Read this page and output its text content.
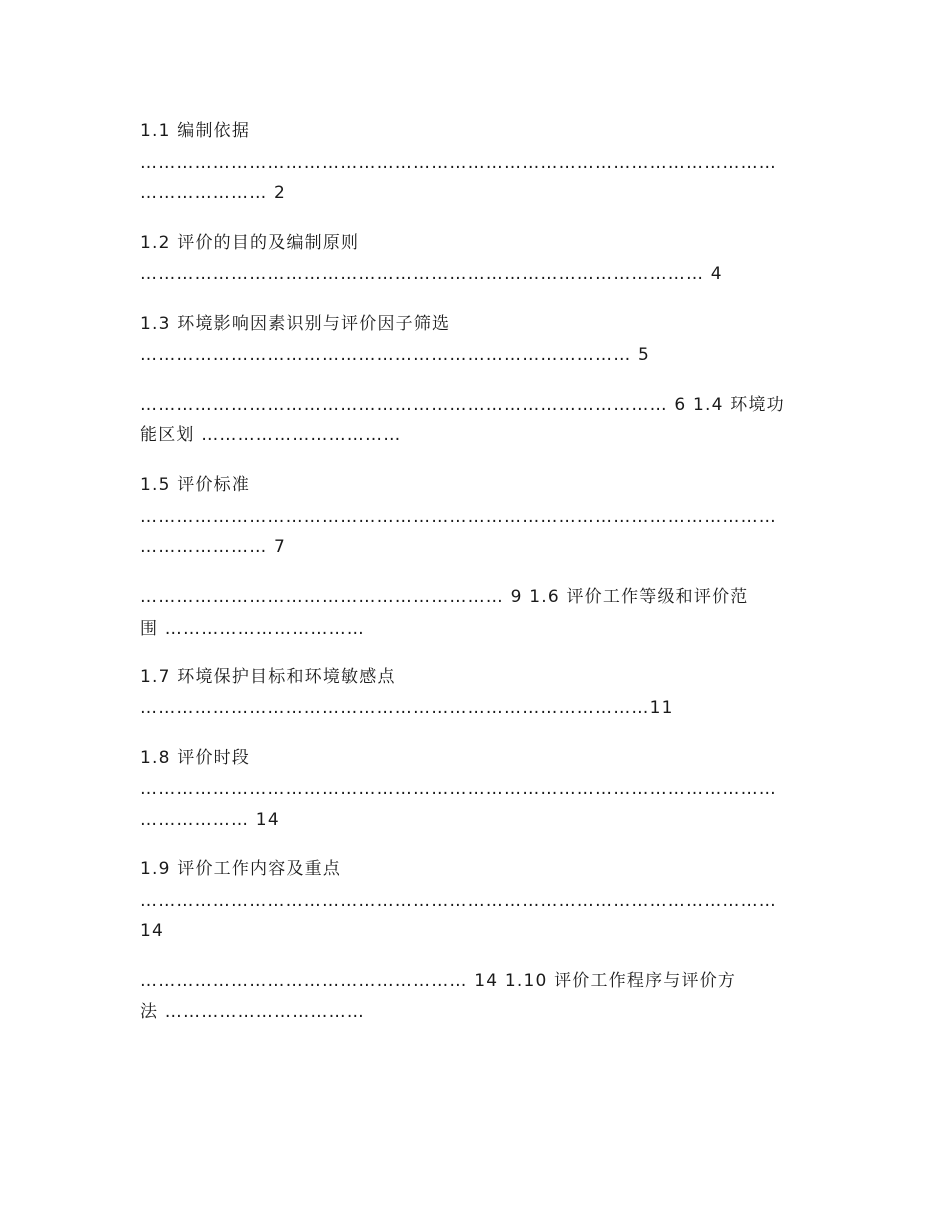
1.1 编制依据
……………………………………………………………………………………………
………………… 2
1.2 评价的目的及编制原则
………………………………………………………………………………… 4
1.3 环境影响因素识别与评价因子筛选
……………………………………………………………………… 5
…………………………………………………………………………… 6 1.4 环境功
能区划 ……………………………
1.5 评价标准
……………………………………………………………………………………………
………………… 7
…………………………………………………… 9 1.6 评价工作等级和评价范
围 ……………………………
1.7 环境保护目标和环境敏感点
…………………………………………………………………………11
1.8 评价时段
……………………………………………………………………………………………
……………… 14
1.9 评价工作内容及重点
……………………………………………………………………………………………
14
……………………………………………… 14 1.10 评价工作程序与评价方
法 ……………………………
